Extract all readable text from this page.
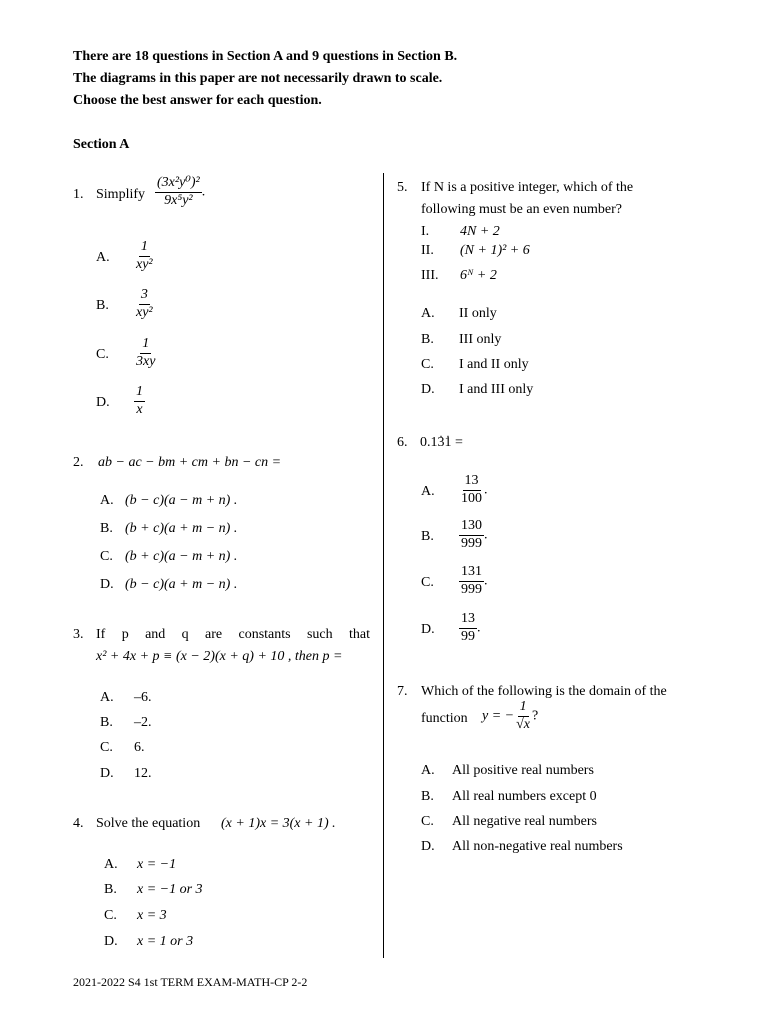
There are 18 questions in Section A and 9 questions in Section B.
The diagrams in this paper are not necessarily drawn to scale.
Choose the best answer for each question.
Section A
1. Simplify $\frac{\text{(3x²y⁰)²}}{\text{9x⁵y²}}$ .
A. $\frac{1}{\text{xy²}}$
B. $\frac{3}{\text{xy²}}$
C. $\frac{1}{3xy}$
D. $\frac{1}{x}$
2. ab − ac − bm + cm + bn − cn =
A. (b − c)(a − m + n) .
B. (b + c)(a + m − n) .
C. (b + c)(a − m + n) .
D. (b − c)(a + m − n) .
3. If p and q are constants such that
x² + 4x + p ≡ (x − 2)(x + q) + 10 , then p =
A. –6.
B. –2.
C. 6.
D. 12.
4. Solve the equation (x + 1)x = 3(x + 1) .
A. x = −1
B. x = −1 or 3
C. x = 3
D. x = 1 or 3
5. If N is a positive integer, which of the
following must be an even number?
I. 4N + 2
II. (N + 1)² + 6
III. 6ᴺ + 2
A. II only
B. III only
C. I and II only
D. I and III only
6. 0.13 .1 . =
A. $\frac{13}{100}$ .
B. $\frac{130}{999}$ .
C. $\frac{131}{999}$ .
D. $\frac{13}{99}$ .
7. Which of the following is the domain of the
function y = − $\frac{1}{√x}$ ?
A. All positive real numbers
B. All real numbers except 0
C. All negative real numbers
D. All non-negative real numbers
2021-2022 S4 1st TERM EXAM-MATH-CP 2-2
